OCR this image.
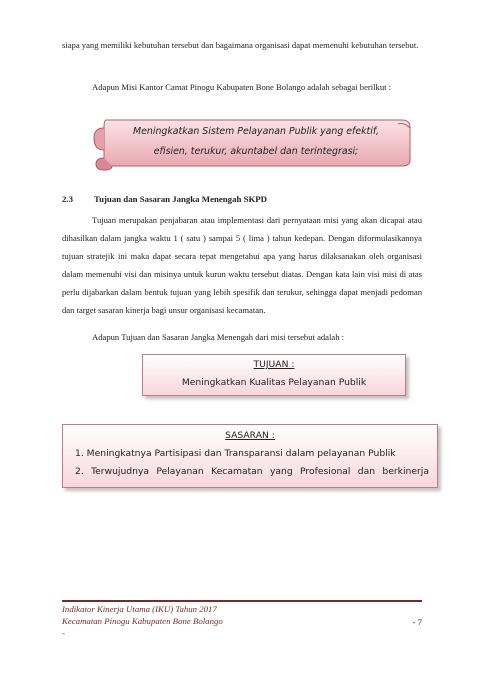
siapa yang memiliki kebutuhan tersebut dan bagaimana organisasi dapat memenuhi kebutuhan tersebut.
Adapun Misi Kantor Camat Pinogu Kabupaten Bone Bolango adalah sebagai berilkut :
Meningkatkan Sistem Pelayanan Publik yang efektif,
efisien, terukur, akuntabel dan terintegrasi;
2.3 Tujuan dan Sasaran Jangka Menengah SKPD
Tujuan merupakan penjabaran atau implementasi dari pernyataan misi yang akan dicapai atau dihasilkan dalam jangka waktu 1 ( satu ) sampai 5 ( lima ) tahun kedepan. Dengan diformulasikannya tujuan stratejik ini maka dapat secara tepat mengetahui apa yang harus dilaksanakan oleh organisasi dalam memenuhi visi dan misinya untuk kurun waktu tersebut diatas. Dengan kata lain visi misi di atas perlu dijabarkan dalam bentuk tujuan yang lebih spesifik dan terukur, sehingga dapat menjadi pedoman dan target sasaran kinerja bagi unsur organisasi kecamatan.
Adapun Tujuan dan Sasaran Jangka Menengah dari misi tersebut adalah :
TUJUAN :
Meningkatkan Kualitas Pelayanan Publik
SASARAN :
1. Meningkatnya Partisipasi dan Transparansi dalam pelayanan Publik
2. Terwujudnya Pelayanan Kecamatan yang Profesional dan berkinerja
Indikator Kinerja Utama (IKU) Tahun 2017
Kecamatan Pinogu Kabupaten Bone Bolango
-
- 7
